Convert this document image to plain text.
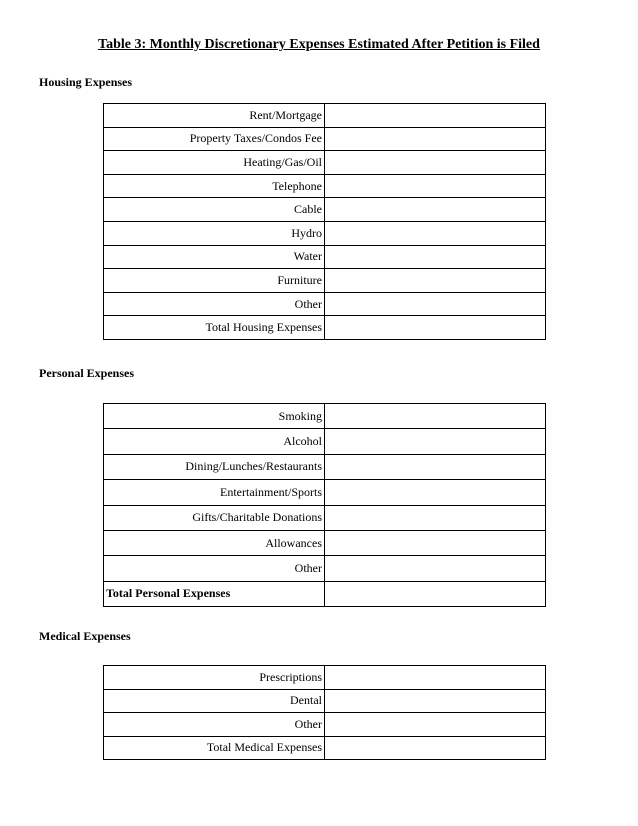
Table 3: Monthly Discretionary Expenses Estimated After Petition is Filed
Housing Expenses
Rent/Mortgage	
Property Taxes/Condos Fee	
Heating/Gas/Oil	
Telephone	
Cable	
Hydro	
Water	
Furniture	
Other	
Total Housing Expenses	
Personal Expenses
Smoking	
Alcohol	
Dining/Lunches/Restaurants	
Entertainment/Sports	
Gifts/Charitable Donations	
Allowances	
Other	
Total Personal Expenses	
Medical Expenses
Prescriptions	
Dental	
Other	
Total Medical Expenses	
